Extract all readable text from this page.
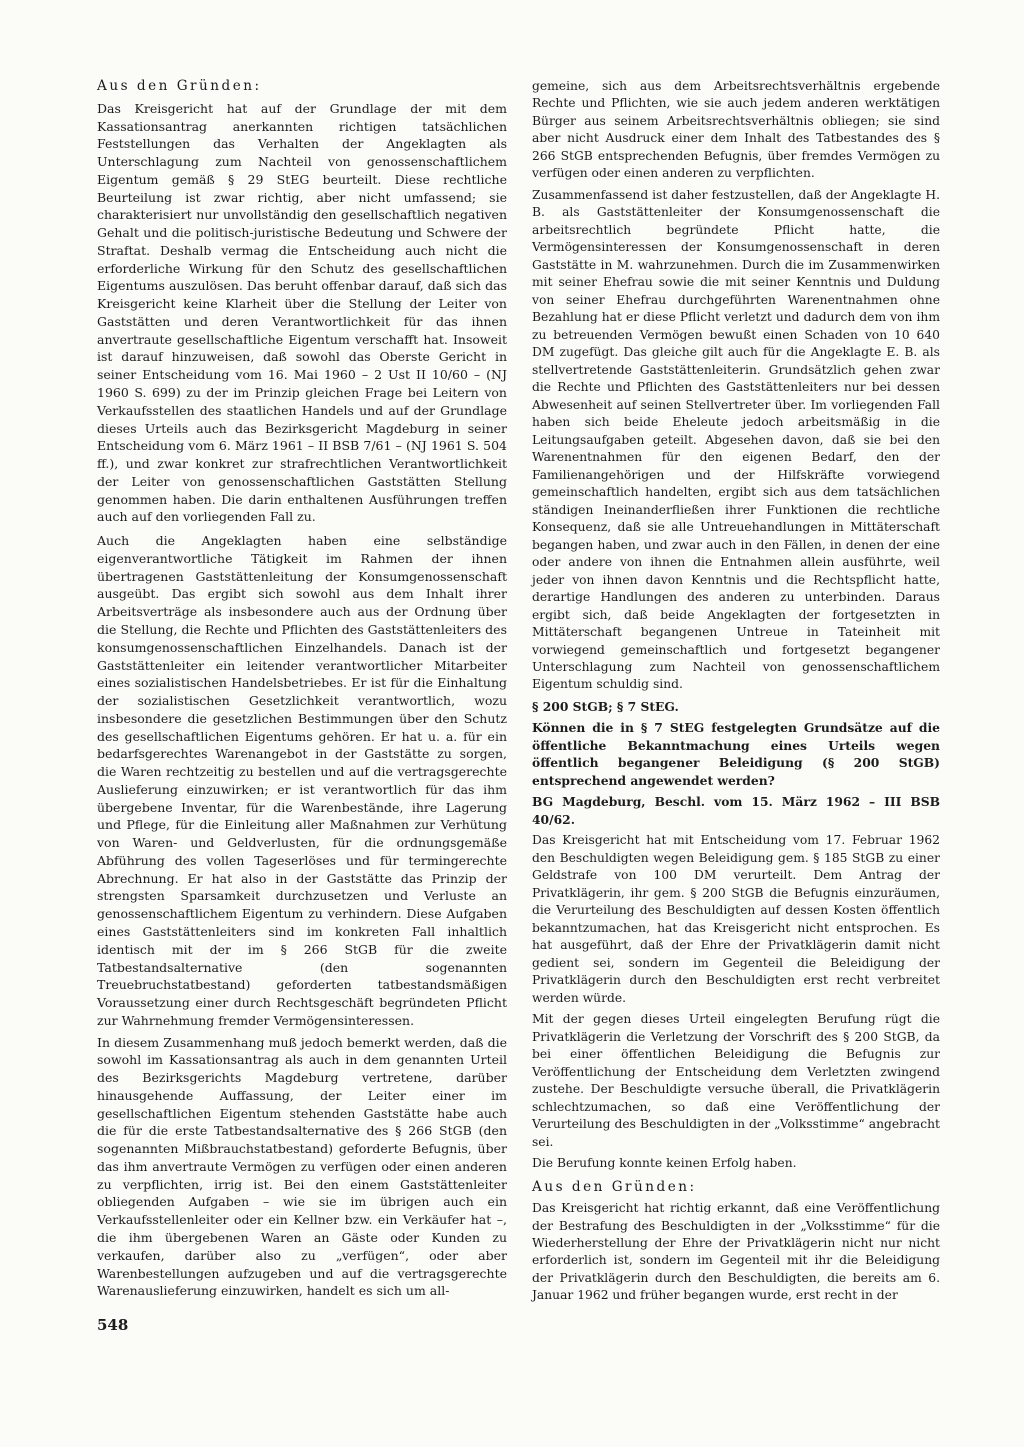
Aus den Gründen:

Das Kreisgericht hat auf der Grundlage der mit dem Kassationsantrag anerkannten richtigen tatsächlichen Feststellungen das Verhalten der Angeklagten als Unterschlagung zum Nachteil von genossenschaftlichem Eigentum gemäß § 29 StEG beurteilt. Diese rechtliche Beurteilung ist zwar richtig, aber nicht umfassend; sie charakterisiert nur unvollständig den gesellschaftlich negativen Gehalt und die politisch-juristische Bedeutung und Schwere der Straftat. Deshalb vermag die Entscheidung auch nicht die erforderliche Wirkung für den Schutz des gesellschaftlichen Eigentums auszulösen. Das beruht offenbar darauf, daß sich das Kreisgericht keine Klarheit über die Stellung der Leiter von Gaststätten und deren Verantwortlichkeit für das ihnen anvertraute gesellschaftliche Eigentum verschafft hat. Insoweit ist darauf hinzuweisen, daß sowohl das Oberste Gericht in seiner Entscheidung vom 16. Mai 1960 – 2 Ust II 10/60 – (NJ 1960 S. 699) zu der im Prinzip gleichen Frage bei Leitern von Verkaufsstellen des staatlichen Handels und auf der Grundlage dieses Urteils auch das Bezirksgericht Magdeburg in seiner Entscheidung vom 6. März 1961 – II BSB 7/61 – (NJ 1961 S. 504 ff.), und zwar konkret zur strafrechtlichen Verantwortlichkeit der Leiter von genossenschaftlichen Gaststätten Stellung genommen haben. Die darin enthaltenen Ausführungen treffen auch auf den vorliegenden Fall zu.

Auch die Angeklagten haben eine selbständige eigenverantwortliche Tätigkeit im Rahmen der ihnen übertragenen Gaststättenleitung der Konsumgenossenschaft ausgeübt. Das ergibt sich sowohl aus dem Inhalt ihrer Arbeitsverträge als insbesondere auch aus der Ordnung über die Stellung, die Rechte und Pflichten des Gaststättenleiters des konsumgenossenschaftlichen Einzelhandels. Danach ist der Gaststättenleiter ein leitender verantwortlicher Mitarbeiter eines sozialistischen Handelsbetriebes. Er ist für die Einhaltung der sozialistischen Gesetzlichkeit verantwortlich, wozu insbesondere die gesetzlichen Bestimmungen über den Schutz des gesellschaftlichen Eigentums gehören. Er hat u. a. für ein bedarfsgerechtes Warenangebot in der Gaststätte zu sorgen, die Waren rechtzeitig zu bestellen und auf die vertragsgerechte Auslieferung einzuwirken; er ist verantwortlich für das ihm übergebene Inventar, für die Warenbestände, ihre Lagerung und Pflege, für die Einleitung aller Maßnahmen zur Verhütung von Waren- und Geldverlusten, für die ordnungsgemäße Abführung des vollen Tageserlöses und für termingerechte Abrechnung. Er hat also in der Gaststätte das Prinzip der strengsten Sparsamkeit durchzusetzen und Verluste an genossenschaftlichem Eigentum zu verhindern. Diese Aufgaben eines Gaststättenleiters sind im konkreten Fall inhaltlich identisch mit der im § 266 StGB für die zweite Tatbestandsalternative (den sogenannten Treuebruchstatbestand) geforderten tatbestandsmäßigen Voraussetzung einer durch Rechtsgeschäft begründeten Pflicht zur Wahrnehmung fremder Vermögensinteressen.

In diesem Zusammenhang muß jedoch bemerkt werden, daß die sowohl im Kassationsantrag als auch in dem genannten Urteil des Bezirksgerichts Magdeburg vertretene, darüber hinausgehende Auffassung, der Leiter einer im gesellschaftlichen Eigentum stehenden Gaststätte habe auch die für die erste Tatbestandsalternative des § 266 StGB (den sogenannten Mißbrauchstatbestand) geforderte Befugnis, über das ihm anvertraute Vermögen zu verfügen oder einen anderen zu verpflichten, irrig ist. Bei den einem Gaststättenleiter obliegenden Aufgaben – wie sie im übrigen auch ein Verkaufsstellenleiter oder ein Kellner bzw. ein Verkäufer hat –, die ihm übergebenen Waren an Gäste oder Kunden zu verkaufen, darüber also zu „verfügen“, oder aber Warenbestellungen aufzugeben und auf die vertragsgerechte Warenauslieferung einzuwirken, handelt es sich um all-

gemeine, sich aus dem Arbeitsrechtsverhältnis ergebende Rechte und Pflichten, wie sie auch jedem anderen werktätigen Bürger aus seinem Arbeitsrechtsverhältnis obliegen; sie sind aber nicht Ausdruck einer dem Inhalt des Tatbestandes des § 266 StGB entsprechenden Befugnis, über fremdes Vermögen zu verfügen oder einen anderen zu verpflichten.

Zusammenfassend ist daher festzustellen, daß der Angeklagte H. B. als Gaststättenleiter der Konsumgenossenschaft die arbeitsrechtlich begründete Pflicht hatte, die Vermögensinteressen der Konsumgenossenschaft in deren Gaststätte in M. wahrzunehmen. Durch die im Zusammenwirken mit seiner Ehefrau sowie die mit seiner Kenntnis und Duldung von seiner Ehefrau durchgeführten Warenentnahmen ohne Bezahlung hat er diese Pflicht verletzt und dadurch dem von ihm zu betreuenden Vermögen bewußt einen Schaden von 10 640 DM zugefügt. Das gleiche gilt auch für die Angeklagte E. B. als stellvertretende Gaststättenleiterin. Grundsätzlich gehen zwar die Rechte und Pflichten des Gaststättenleiters nur bei dessen Abwesenheit auf seinen Stellvertreter über. Im vorliegenden Fall haben sich beide Eheleute jedoch arbeitsmäßig in die Leitungsaufgaben geteilt. Abgesehen davon, daß sie bei den Warenentnahmen für den eigenen Bedarf, den der Familienangehörigen und der Hilfskräfte vorwiegend gemeinschaftlich handelten, ergibt sich aus dem tatsächlichen ständigen Ineinanderfließen ihrer Funktionen die rechtliche Konsequenz, daß sie alle Untreuehandlungen in Mittäterschaft begangen haben, und zwar auch in den Fällen, in denen der eine oder andere von ihnen die Entnahmen allein ausführte, weil jeder von ihnen davon Kenntnis und die Rechtspflicht hatte, derartige Handlungen des anderen zu unterbinden. Daraus ergibt sich, daß beide Angeklagten der fortgesetzten in Mittäterschaft begangenen Untreue in Tateinheit mit vorwiegend gemeinschaftlich und fortgesetzt begangener Unterschlagung zum Nachteil von genossenschaftlichem Eigentum schuldig sind.

§ 200 StGB; § 7 StEG.

Können die in § 7 StEG festgelegten Grundsätze auf die öffentliche Bekanntmachung eines Urteils wegen öffentlich begangener Beleidigung (§ 200 StGB) entsprechend angewendet werden?

BG Magdeburg, Beschl. vom 15. März 1962 – III BSB 40/62.

Das Kreisgericht hat mit Entscheidung vom 17. Februar 1962 den Beschuldigten wegen Beleidigung gem. § 185 StGB zu einer Geldstrafe von 100 DM verurteilt. Dem Antrag der Privatklägerin, ihr gem. § 200 StGB die Befugnis einzuräumen, die Verurteilung des Beschuldigten auf dessen Kosten öffentlich bekanntzumachen, hat das Kreisgericht nicht entsprochen. Es hat ausgeführt, daß der Ehre der Privatklägerin damit nicht gedient sei, sondern im Gegenteil die Beleidigung der Privatklägerin durch den Beschuldigten erst recht verbreitet werden würde.

Mit der gegen dieses Urteil eingelegten Berufung rügt die Privatklägerin die Verletzung der Vorschrift des § 200 StGB, da bei einer öffentlichen Beleidigung die Befugnis zur Veröffentlichung der Entscheidung dem Verletzten zwingend zustehe. Der Beschuldigte versuche überall, die Privatklägerin schlechtzumachen, so daß eine Veröffentlichung der Verurteilung des Beschuldigten in der „Volksstimme“ angebracht sei.

Die Berufung konnte keinen Erfolg haben.

Aus den Gründen:

Das Kreisgericht hat richtig erkannt, daß eine Veröffentlichung der Bestrafung des Beschuldigten in der „Volksstimme“ für die Wiederherstellung der Ehre der Privatklägerin nicht nur nicht erforderlich ist, sondern im Gegenteil mit ihr die Beleidigung der Privatklägerin durch den Beschuldigten, die bereits am 6. Januar 1962 und früher begangen wurde, erst recht in der

548
